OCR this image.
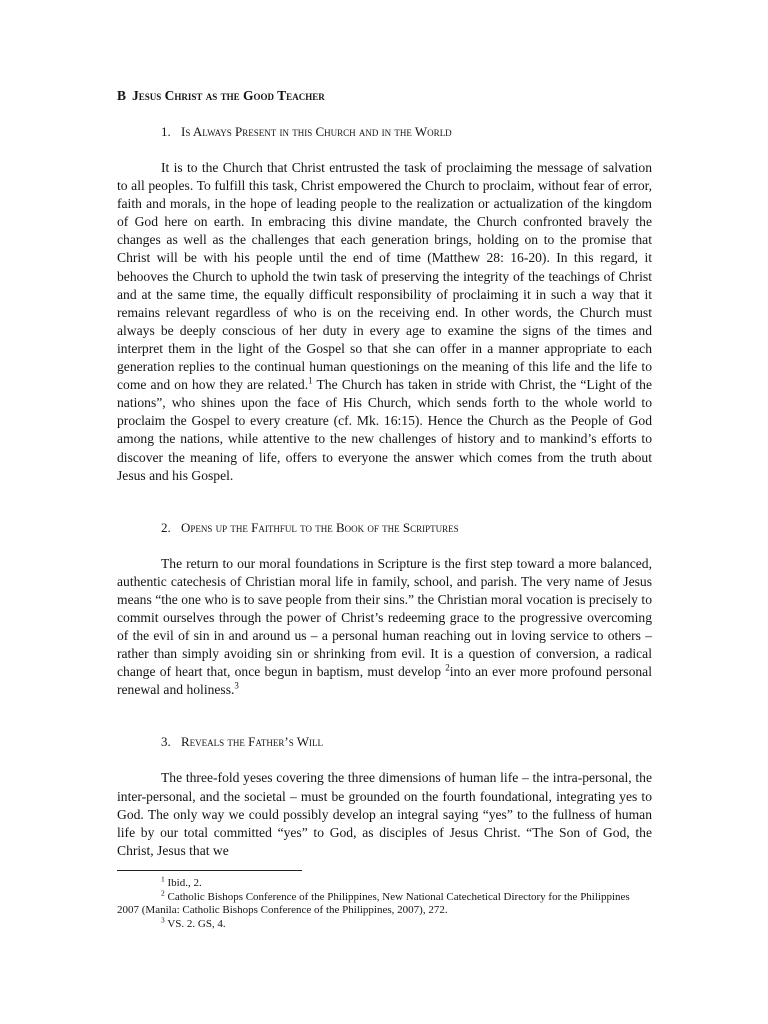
B Jesus Christ as the Good Teacher

1. Is Always Present in this Church and in the World

It is to the Church that Christ entrusted the task of proclaiming the message of salvation to all peoples. To fulfill this task, Christ empowered the Church to proclaim, without fear of error, faith and morals, in the hope of leading people to the realization or actualization of the kingdom of God here on earth. In embracing this divine mandate, the Church confronted bravely the changes as well as the challenges that each generation brings, holding on to the promise that Christ will be with his people until the end of time (Matthew 28: 16-20). In this regard, it behooves the Church to uphold the twin task of preserving the integrity of the teachings of Christ and at the same time, the equally difficult responsibility of proclaiming it in such a way that it remains relevant regardless of who is on the receiving end. In other words, the Church must always be deeply conscious of her duty in every age to examine the signs of the times and interpret them in the light of the Gospel so that she can offer in a manner appropriate to each generation replies to the continual human questionings on the meaning of this life and the life to come and on how they are related.$^1$ The Church has taken in stride with Christ, the “Light of the nations”, who shines upon the face of His Church, which sends forth to the whole world to proclaim the Gospel to every creature (cf. Mk. 16:15). Hence the Church as the People of God among the nations, while attentive to the new challenges of history and to mankind’s efforts to discover the meaning of life, offers to everyone the answer which comes from the truth about Jesus and his Gospel.

2. Opens up the Faithful to the Book of the Scriptures

The return to our moral foundations in Scripture is the first step toward a more balanced, authentic catechesis of Christian moral life in family, school, and parish. The very name of Jesus means “the one who is to save people from their sins.” the Christian moral vocation is precisely to commit ourselves through the power of Christ’s redeeming grace to the progressive overcoming of the evil of sin in and around us – a personal human reaching out in loving service to others – rather than simply avoiding sin or shrinking from evil. It is a question of conversion, a radical change of heart that, once begun in baptism, must develop $^2$into an ever more profound personal renewal and holiness.$^3$

3. Reveals the Father’s Will

The three-fold yeses covering the three dimensions of human life – the intra-personal, the inter-personal, and the societal – must be grounded on the fourth foundational, integrating yes to God. The only way we could possibly develop an integral saying “yes” to the fullness of human life by our total committed “yes” to God, as disciples of Jesus Christ. “The Son of God, the Christ, Jesus that we

$^1$ Ibid., 2.

$^2$ Catholic Bishops Conference of the Philippines, New National Catechetical Directory for the Philippines 2007 (Manila: Catholic Bishops Conference of the Philippines, 2007), 272.

$^3$ VS. 2. GS, 4.
